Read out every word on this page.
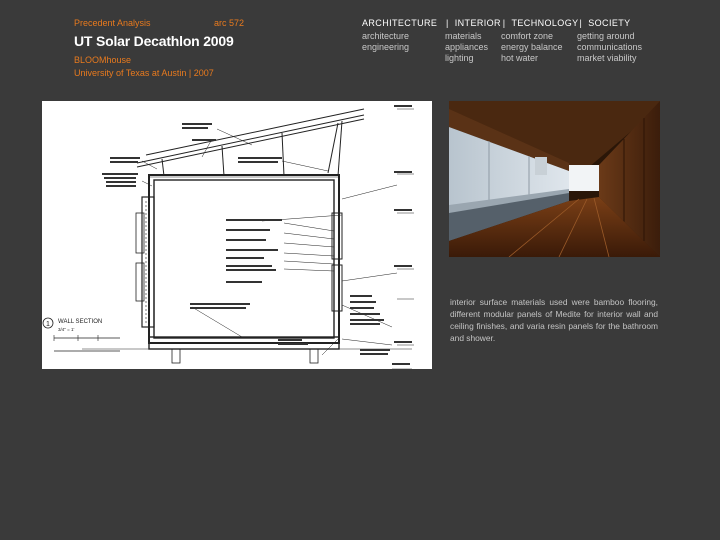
Precedent Analysis	arc 572
UT Solar Decathlon 2009
BLOOMhouse
University of Texas at Austin | 2007
ARCHITECTURE | INTERIOR | TECHNOLOGY | SOCIETY
architecture
engineering
materials
appliances
lighting
comfort zone
energy balance
hot water
getting around
communications
market viability
1 WALL SECTION
3/4" = 1'
interior surface materials used were bamboo flooring, different modular panels of Medite for interior wall and ceiling finishes, and varia resin panels for the bathroom and shower.
